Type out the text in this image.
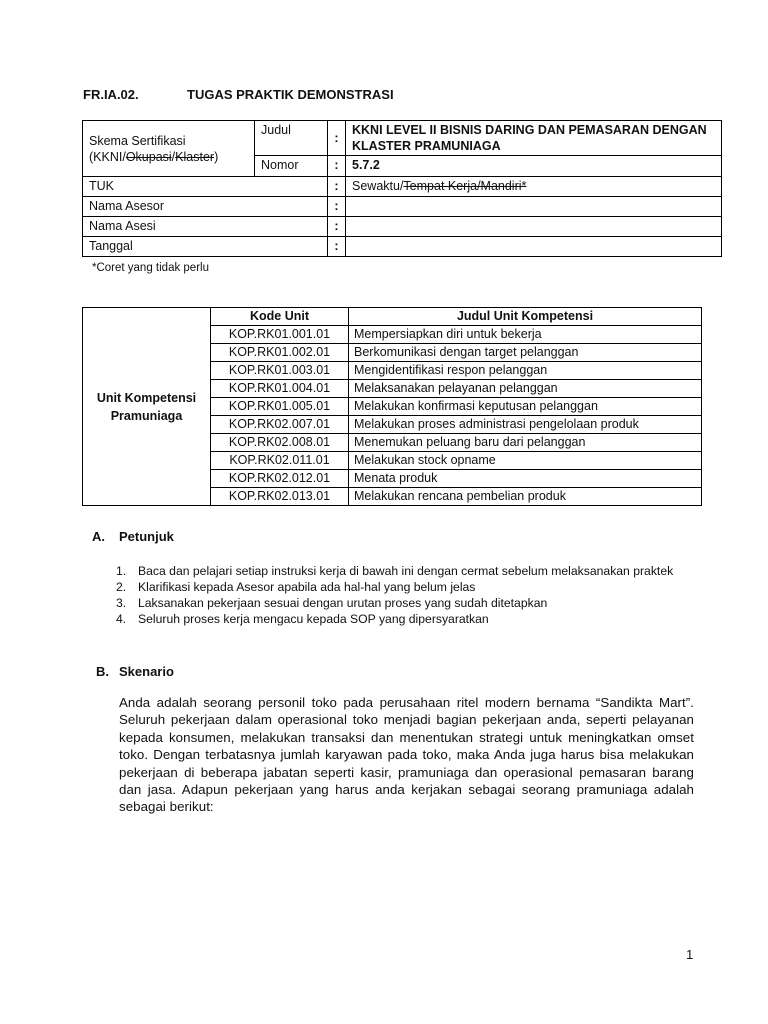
FR.IA.02.	TUGAS PRAKTIK DEMONSTRASI
Skema Sertifikasi
(KKNI/Okupasi/Klaster)	Judul	:	KKNI LEVEL II BISNIS DARING DAN PEMASARAN DENGAN KLASTER PRAMUNIAGA
	Nomor	:	5.7.2
TUK		:	Sewaktu/Tempat Kerja/Mandiri*
Nama Asesor		:	
Nama Asesi		:	
Tanggal		:	
*Coret yang tidak perlu
Unit Kompetensi
Pramuniaga	Kode Unit	Judul Unit Kompetensi
	KOP.RK01.001.01	Mempersiapkan diri untuk bekerja
	KOP.RK01.002.01	Berkomunikasi dengan target pelanggan
	KOP.RK01.003.01	Mengidentifikasi respon pelanggan
	KOP.RK01.004.01	Melaksanakan pelayanan pelanggan
	KOP.RK01.005.01	Melakukan konfirmasi keputusan pelanggan
	KOP.RK02.007.01	Melakukan proses administrasi pengelolaan produk
	KOP.RK02.008.01	Menemukan peluang baru dari pelanggan
	KOP.RK02.011.01	Melakukan stock opname
	KOP.RK02.012.01	Menata produk
	KOP.RK02.013.01	Melakukan rencana pembelian produk
A. Petunjuk
1. Baca dan pelajari setiap instruksi kerja di bawah ini dengan cermat sebelum melaksanakan praktek
2. Klarifikasi kepada Asesor apabila ada hal-hal yang belum jelas
3. Laksanakan pekerjaan sesuai dengan urutan proses yang sudah ditetapkan
4. Seluruh proses kerja mengacu kepada SOP yang dipersyaratkan
B. Skenario
Anda adalah seorang personil toko pada perusahaan ritel modern bernama “Sandikta Mart”. Seluruh pekerjaan dalam operasional toko menjadi bagian pekerjaan anda, seperti pelayanan kepada konsumen, melakukan transaksi dan menentukan strategi untuk meningkatkan omset toko. Dengan terbatasnya jumlah karyawan pada toko, maka Anda juga harus bisa melakukan pekerjaan di beberapa jabatan seperti kasir, pramuniaga dan operasional pemasaran barang dan jasa. Adapun pekerjaan yang harus anda kerjakan sebagai seorang pramuniaga adalah sebagai berikut:
1
